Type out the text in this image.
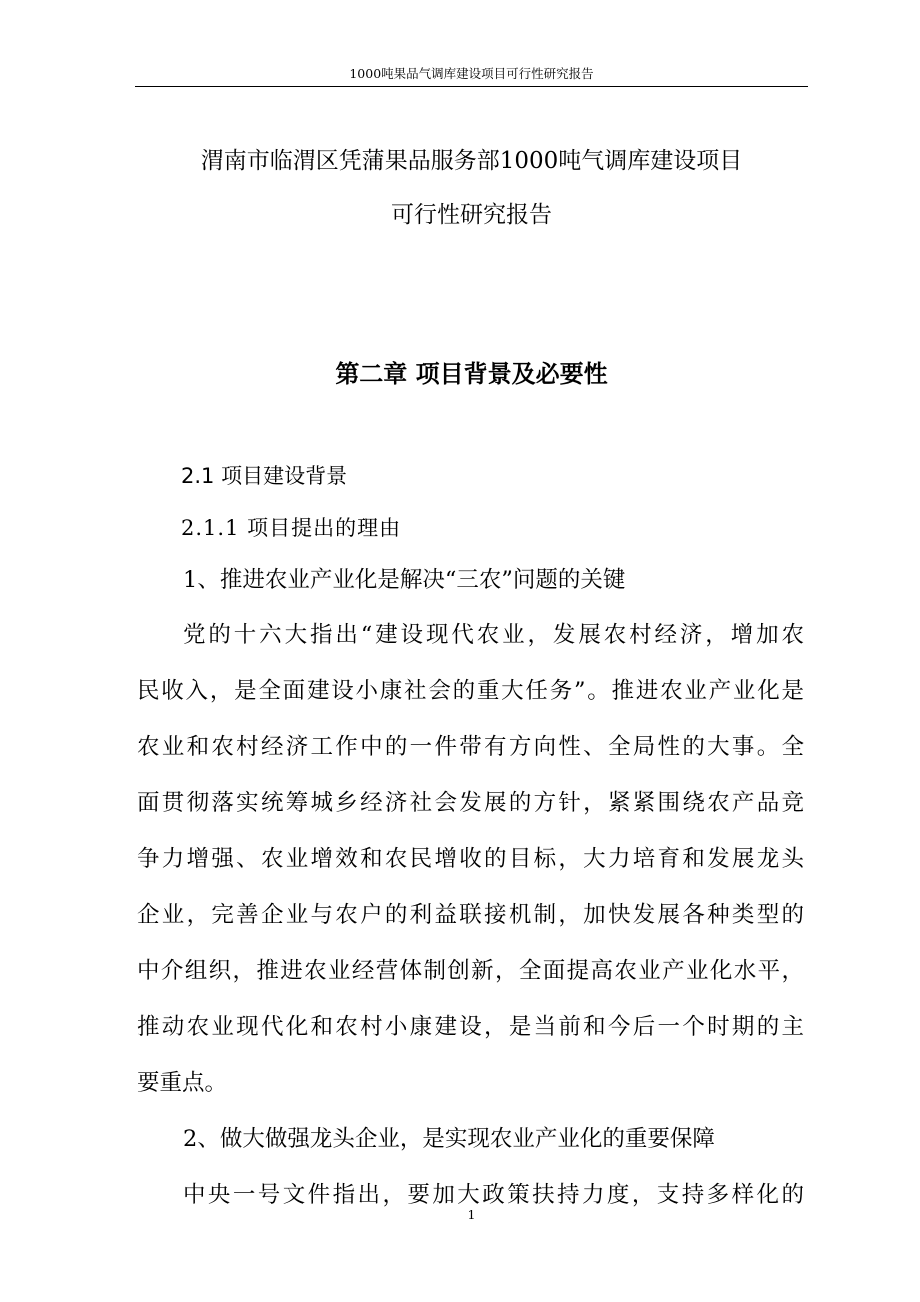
1000吨果品气调库建设项目可行性研究报告
渭南市临渭区凭蒲果品服务部1000吨气调库建设项目
可行性研究报告
第二章 项目背景及必要性
2.1 项目建设背景
2.1.1 项目提出的理由
1、推进农业产业化是解决“三农”问题的关键
党的十六大指出“建设现代农业，发展农村经济，增加农
民收入，是全面建设小康社会的重大任务”。推进农业产业化是
农业和农村经济工作中的一件带有方向性、全局性的大事。全
面贯彻落实统筹城乡经济社会发展的方针，紧紧围绕农产品竞
争力增强、农业增效和农民增收的目标，大力培育和发展龙头
企业，完善企业与农户的利益联接机制，加快发展各种类型的
中介组织，推进农业经营体制创新，全面提高农业产业化水平，
推动农业现代化和农村小康建设，是当前和今后一个时期的主
要重点。
2、做大做强龙头企业，是实现农业产业化的重要保障
中央一号文件指出，要加大政策扶持力度，支持多样化的
1
